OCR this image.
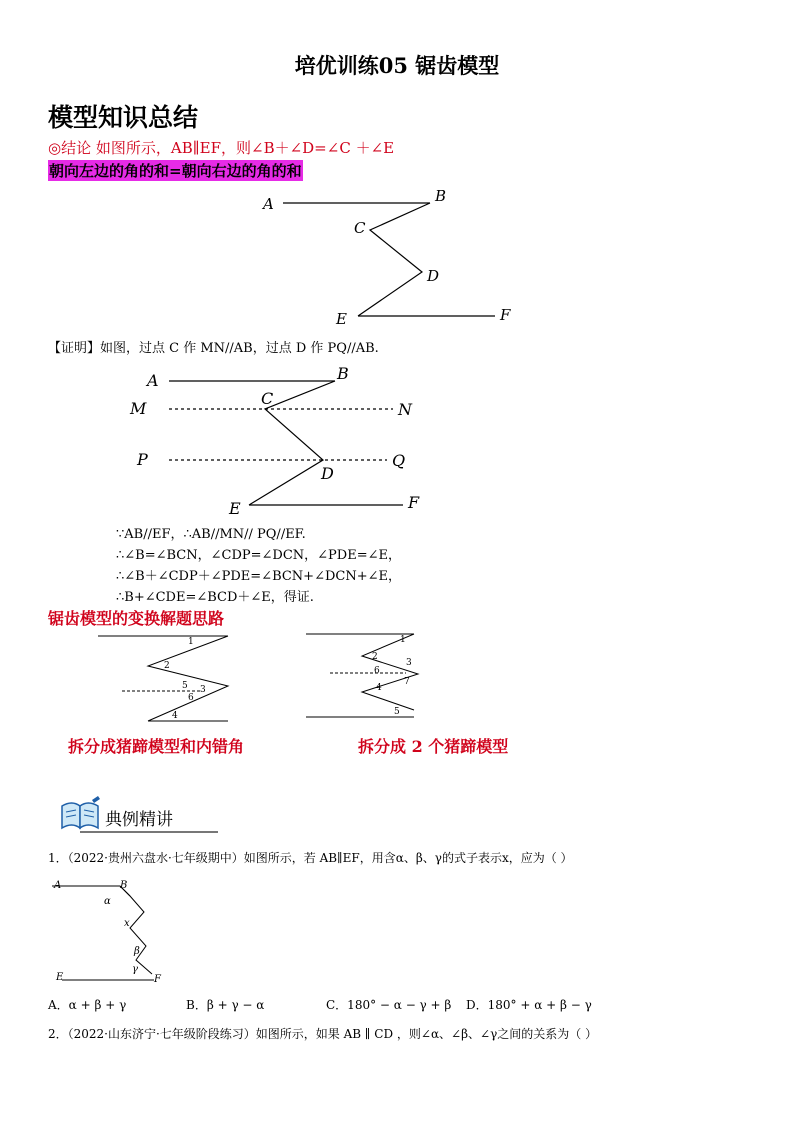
培优训练05 锯齿模型
模型知识总结
◎结论 如图所示，AB∥EF，则∠B＋∠D=∠C ＋∠E
朝向左边的角的和=朝向右边的角的和
A	B
C
D
E	F
【证明】如图，过点 C 作 MN//AB，过点 D 作 PQ//AB.
A	B
M
C
N
P
D
Q
E	F
∵AB//EF，∴AB//MN// PQ//EF.
∴∠B=∠BCN，∠CDP=∠DCN，∠PDE=∠E，
∴∠B＋∠CDP＋∠PDE=∠BCN+∠DCN+∠E，
∴B+∠CDE=∠BCD＋∠E，得证.
锯齿模型的变换解题思路
1
2
5 3
6
4
1
2
3
6
7
4
5
拆分成猪蹄模型和内错角	拆分成 2 个猪蹄模型
典例精讲
1．（2022·贵州六盘水·七年级期中）如图所示，若 AB∥EF，用含α、β、γ的式子表示x，应为（ ）
A	B
α
x
β
γ
E	F
A．α + β + γ	B．β + γ − α	C．180° − α − γ + β D．180° + α + β − γ
2．（2022·山东济宁·七年级阶段练习）如图所示，如果 AB ∥ CD ，则∠α、∠β、∠γ之间的关系为（ ）
